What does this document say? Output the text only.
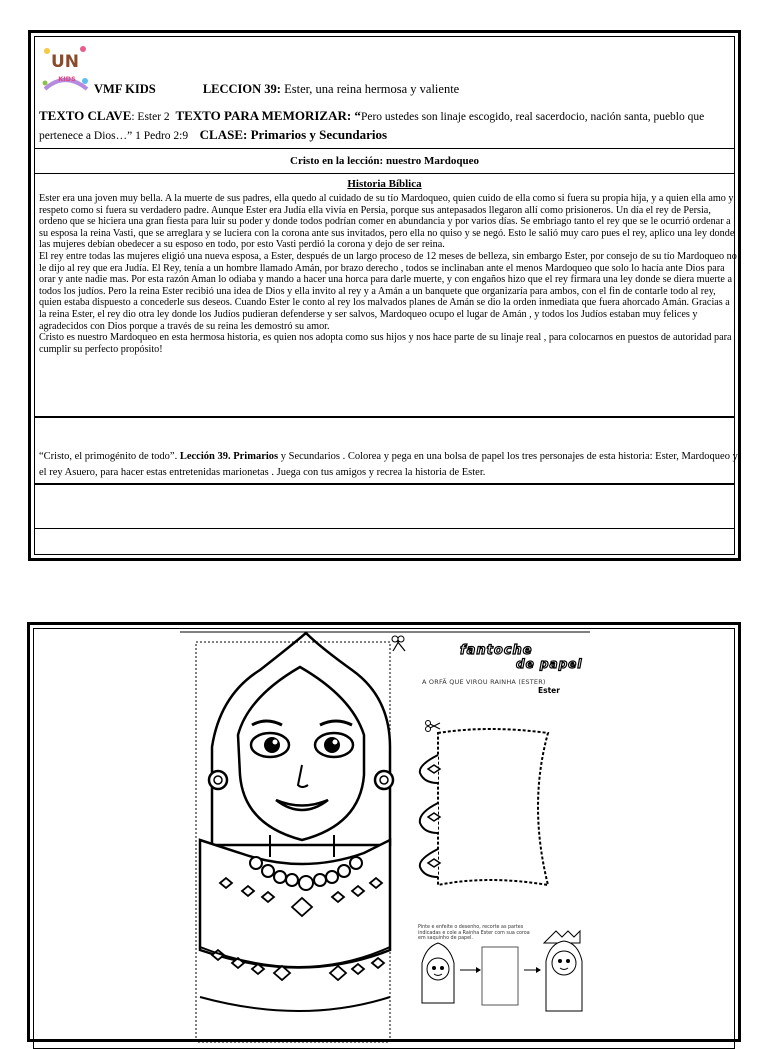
UN
KIDS
VMF KIDS	LECCION 39: Ester, una reina hermosa y valiente
TEXTO CLAVE: Ester 2 TEXTO PARA MEMORIZAR: “Pero ustedes son linaje escogido, real sacerdocio, nación santa, pueblo que pertenece a Dios…” 1 Pedro 2:9 CLASE: Primarios y Secundarios
Cristo en la lección: nuestro Mardoqueo
Historia Bíblica

Ester era una joven muy bella. A la muerte de sus padres, ella quedo al cuidado de su tío Mardoqueo, quien cuido de ella como si fuera su propia hija, y a quien ella amo y respeto como si fuera su verdadero padre. Aunque Ester era Judía ella vivía en Persia, porque sus antepasados llegaron allí como prisioneros. Un día el rey de Persia, ordeno que se hiciera una gran fiesta para luir su poder y donde todos podrían comer en abundancia y por varios días. Se embriago tanto el rey que se le ocurrió ordenar a su esposa la reina Vasti, que se arreglara y se luciera con la corona ante sus invitados, pero ella no quiso y se negó. Esto le salió muy caro pues el rey, aplico una ley donde las mujeres debían obedecer a su esposo en todo, por esto Vasti perdió la corona y dejo de ser reina.

El rey entre todas las mujeres eligió una nueva esposa, a Ester, después de un largo proceso de 12 meses de belleza, sin embargo Ester, por consejo de su tío Mardoqueo no le dijo al rey que era Judía. El Rey, tenía a un hombre llamado Amán, por brazo derecho , todos se inclinaban ante el menos Mardoqueo que solo lo hacía ante Dios para orar y ante nadie mas. Por esta razón Aman lo odiaba y mando a hacer una horca para darle muerte, y con engaños hizo que el rey firmara una ley donde se diera muerte a todos los judíos. Pero la reina Ester recibió una idea de Dios y ella invito al rey y a Amán a un banquete que organizaría para ambos, con el fin de contarle todo al rey, quien estaba dispuesto a concederle sus deseos. Cuando Ester le conto al rey los malvados planes de Amán se dio la orden inmediata que fuera ahorcado Amán. Gracias a la reina Ester, el rey dio otra ley donde los Judíos pudieran defenderse y ser salvos, Mardoqueo ocupo el lugar de Amán , y todos los Judíos estaban muy felices y agradecidos con Dios porque a través de su reina les demostró su amor.

Cristo es nuestro Mardoqueo en esta hermosa historia, es quien nos adopta como sus hijos y nos hace parte de su linaje real , para colocarnos en puestos de autoridad para cumplir su perfecto propósito!

“Cristo, el primogénito de todo”. Lección 39. Primarios y Secundarios . Colorea y pega en una bolsa de papel los tres personajes de esta historia: Ester, Mardoqueo y el rey Asuero, para hacer estas entretenidas marionetas . Juega con tus amigos y recrea la historia de Ester.
fantoche
de papel
A ORFÃ QUE VIROU RAINHA (ESTER)
Ester
Pinte e enfeite o desenho, recorte as partes indicadas e cole a Rainha Ester com sua coroa em saquinho de papel.
